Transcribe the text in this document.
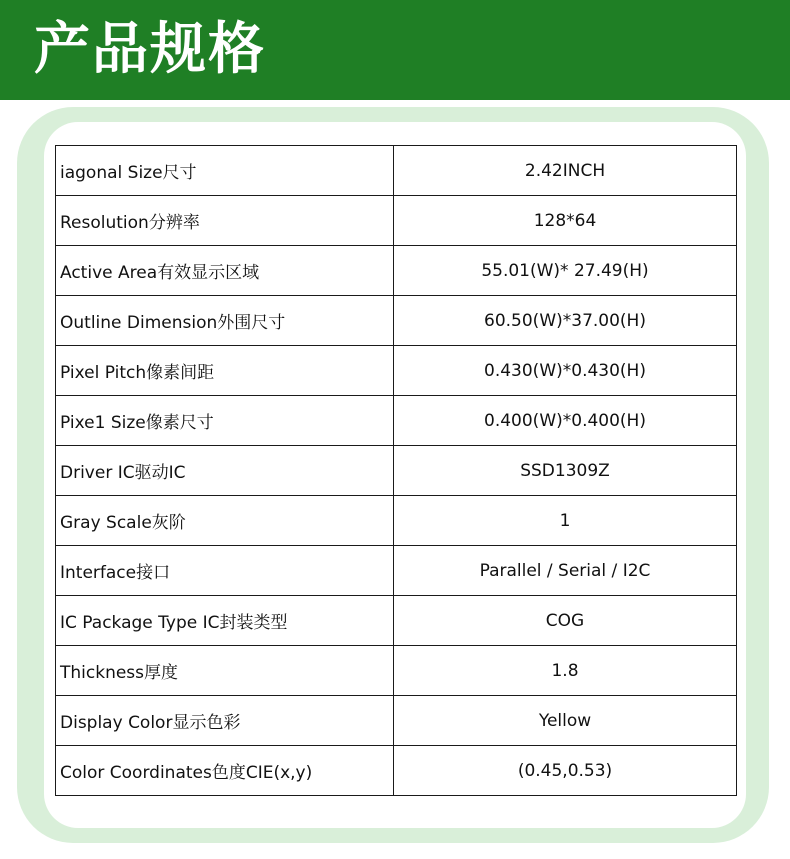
产品规格
iagonal Size尺寸	2.42INCH
Resolution分辨率	128*64
Active Area有效显示区域	55.01(W)* 27.49(H)
Outline Dimension外围尺寸	60.50(W)*37.00(H)
Pixel Pitch像素间距	0.430(W)*0.430(H)
Pixe1 Size像素尺寸	0.400(W)*0.400(H)
Driver IC驱动IC	SSD1309Z
Gray Scale灰阶	1
Interface接口	Parallel / Serial / I2C
IC Package Type IC封装类型	COG
Thickness厚度	1.8
Display Color显示色彩	Yellow
Color Coordinates色度CIE(x,y)	(0.45,0.53)
